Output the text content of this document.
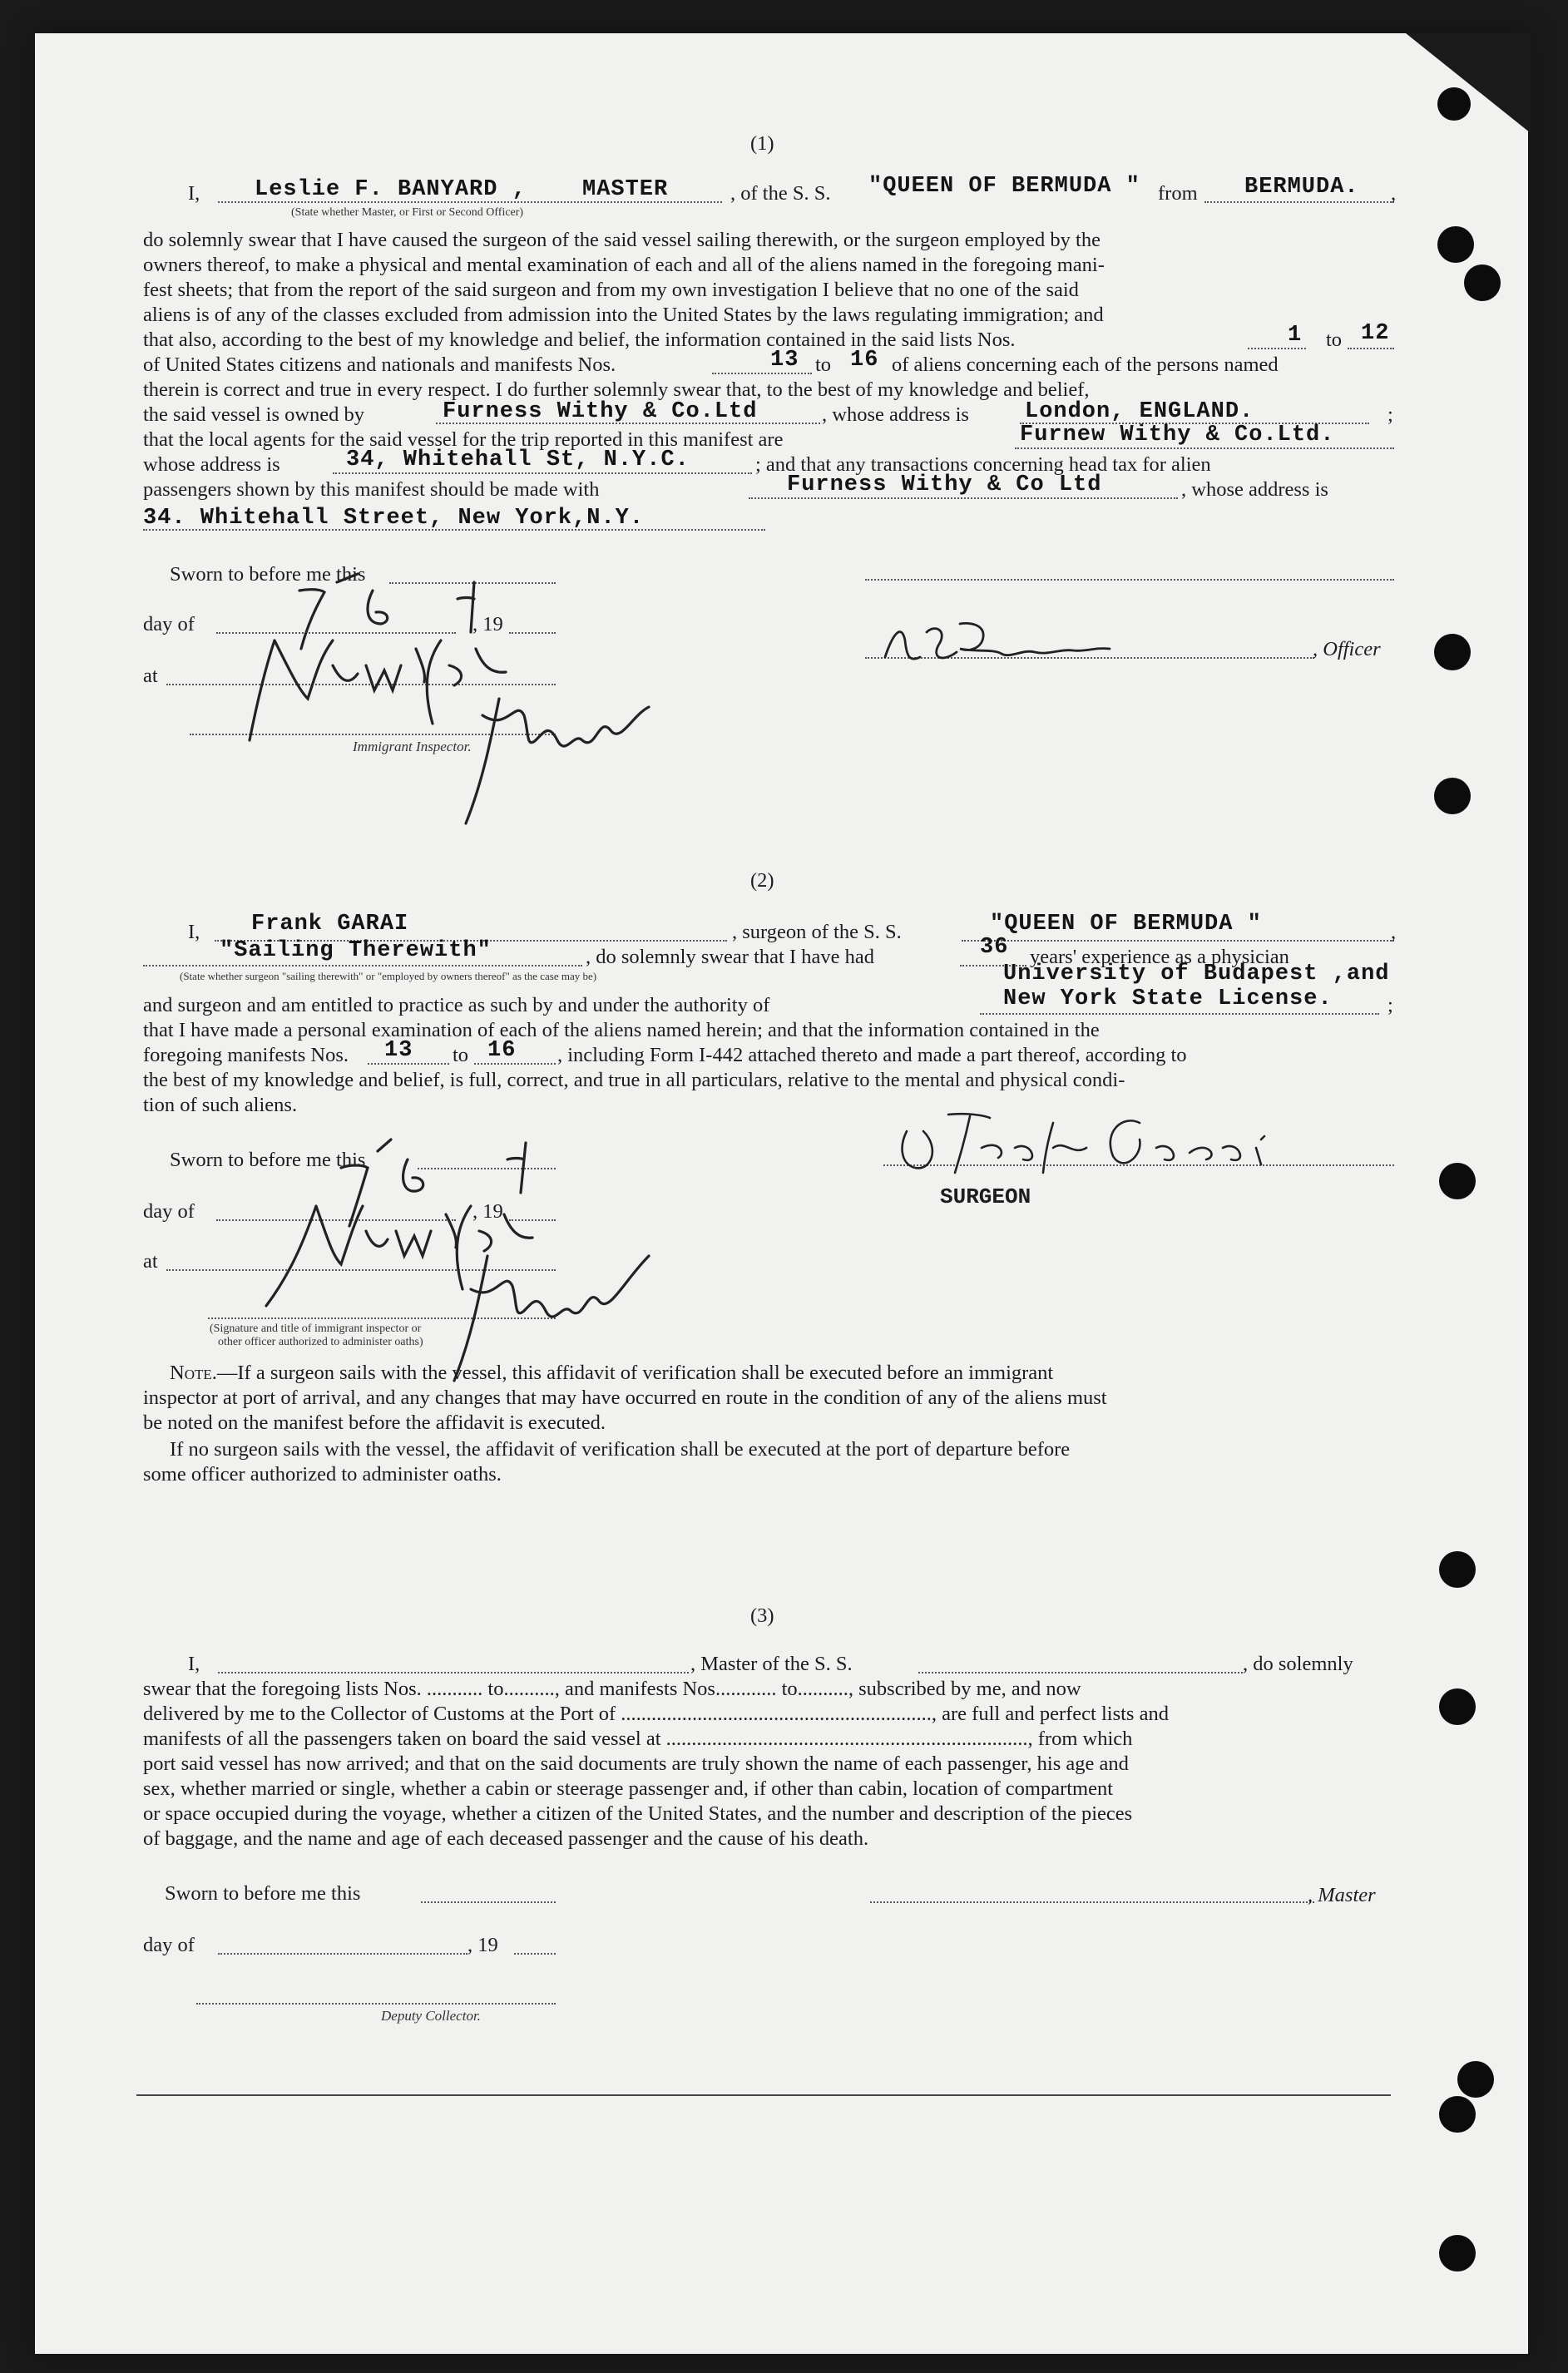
(1)
I, Leslie F. BANYARD , MASTER	, of the S. S. "QUEEN OF BERMUDA " from BERMUDA. ,
(State whether Master, or First or Second Officer)
do solemnly swear that I have caused the surgeon of the said vessel sailing therewith, or the surgeon employed by the
owners thereof, to make a physical and mental examination of each and all of the aliens named in the foregoing mani-
fest sheets; that from the report of the said surgeon and from my own investigation I believe that no one of the said
aliens is of any of the classes excluded from admission into the United States by the laws regulating immigration; and
that also, according to the best of my knowledge and belief, the information contained in the said lists Nos.	1 to 12
of United States citizens and nationals and manifests Nos.	13 to 16 of aliens concerning each of the persons named
therein is correct and true in every respect. I do further solemnly swear that, to the best of my knowledge and belief,
the said vessel is owned by	Furness Withy & Co.Ltd	, whose address is London, ENGLAND.	;
that the local agents for the said vessel for the trip reported in this manifest are	Furnew Withy & Co.Ltd.
whose address is	34, Whitehall St, N.Y.C.	; and that any transactions concerning head tax for alien
passengers shown by this manifest should be made with	Furness Withy & Co Ltd	, whose address is
34. Whitehall Street, New York,N.Y.
Sworn to before me this
day of	, 19
at
Immigrant Inspector.
, Officer
(2)
I, Frank GARAI	, surgeon of the S. S.	"QUEEN OF BERMUDA "	,
"Sailing Therewith"	, do solemnly swear that I have had	36 years' experience as a physician
(State whether surgeon "sailing therewith" or "employed by owners thereof" as the case may be)	University of Budapest ,and
and surgeon and am entitled to practice as such by and under the authority of	New York State License.	;
that I have made a personal examination of each of the aliens named herein; and that the information contained in the
foregoing manifests Nos. 13 to 16 , including Form I-442 attached thereto and made a part thereof, according to
the best of my knowledge and belief, is full, correct, and true in all particulars, relative to the mental and physical condi-
tion of such aliens.
Sworn to before me this
day of	, 19
at
(Signature and title of immigrant inspector or
other officer authorized to administer oaths)
SURGEON
Note.—If a surgeon sails with the vessel, this affidavit of verification shall be executed before an immigrant
inspector at port of arrival, and any changes that may have occurred en route in the condition of any of the aliens must
be noted on the manifest before the affidavit is executed.
If no surgeon sails with the vessel, the affidavit of verification shall be executed at the port of departure before
some officer authorized to administer oaths.
(3)
I,	, Master of the S. S.	, do solemnly
swear that the foregoing lists Nos. ........... to.........., and manifests Nos............ to.........., subscribed by me, and now
delivered by me to the Collector of Customs at the Port of ............................................................., are full and perfect lists and
manifests of all the passengers taken on board the said vessel at ......................................................................., from which
port said vessel has now arrived; and that on the said documents are truly shown the name of each passenger, his age and
sex, whether married or single, whether a cabin or steerage passenger and, if other than cabin, location of compartment
or space occupied during the voyage, whether a citizen of the United States, and the number and description of the pieces
of baggage, and the name and age of each deceased passenger and the cause of his death.
Sworn to before me this	, Master
day of	, 19
Deputy Collector.
